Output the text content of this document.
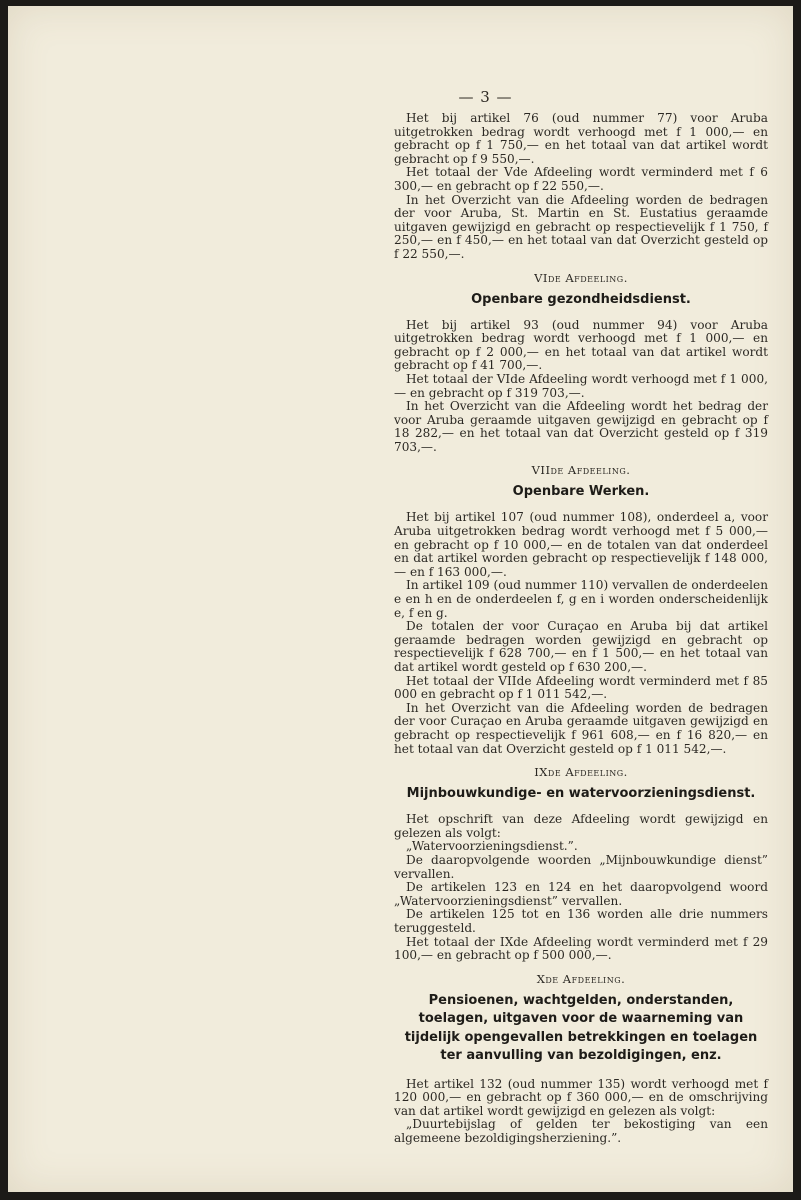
— 3 —

Het bij artikel 76 (oud nummer 77) voor Aruba uitgetrokken bedrag wordt verhoogd met f 1 000,— en gebracht op f 1 750,— en het totaal van dat artikel wordt gebracht op f 9 550,—.

Het totaal der Vde Afdeeling wordt verminderd met f 6 300,— en gebracht op f 22 550,—.

In het Overzicht van die Afdeeling worden de bedragen der voor Aruba, St. Martin en St. Eustatius geraamde uitgaven gewijzigd en gebracht op respectievelijk f 1 750, f 250,— en f 450,— en het totaal van dat Overzicht gesteld op f 22 550,—.

VIde Afdeeling.
Openbare gezondheidsdienst.

Het bij artikel 93 (oud nummer 94) voor Aruba uitgetrokken bedrag wordt verhoogd met f 1 000,— en gebracht op f 2 000,— en het totaal van dat artikel wordt gebracht op f 41 700,—.

Het totaal der VIde Afdeeling wordt verhoogd met f 1 000,— en gebracht op f 319 703,—.

In het Overzicht van die Afdeeling wordt het bedrag der voor Aruba geraamde uitgaven gewijzigd en gebracht op f 18 282,— en het totaal van dat Overzicht gesteld op f 319 703,—.

VIIde Afdeeling.
Openbare Werken.

Het bij artikel 107 (oud nummer 108), onderdeel a, voor Aruba uitgetrokken bedrag wordt verhoogd met f 5 000,— en gebracht op f 10 000,— en de totalen van dat onderdeel en dat artikel worden gebracht op respectievelijk f 148 000,— en f 163 000,—.

In artikel 109 (oud nummer 110) vervallen de onderdeelen e en h en de onderdeelen f, g en i worden onderscheidenlijk e, f en g.

De totalen der voor Curaçao en Aruba bij dat artikel geraamde bedragen worden gewijzigd en gebracht op respectievelijk f 628 700,— en f 1 500,— en het totaal van dat artikel wordt gesteld op f 630 200,—.

Het totaal der VIIde Afdeeling wordt verminderd met f 85 000 en gebracht op f 1 011 542,—.

In het Overzicht van die Afdeeling worden de bedragen der voor Curaçao en Aruba geraamde uitgaven gewijzigd en gebracht op respectievelijk f 961 608,— en f 16 820,— en het totaal van dat Overzicht gesteld op f 1 011 542,—.

IXde Afdeeling.
Mijnbouwkundige- en watervoorzieningsdienst.

Het opschrift van deze Afdeeling wordt gewijzigd en gelezen als volgt:

„Watervoorzieningsdienst.”.

De daaropvolgende woorden „Mijnbouwkundige dienst” vervallen.

De artikelen 123 en 124 en het daaropvolgend woord „Watervoorzieningsdienst” vervallen.

De artikelen 125 tot en 136 worden alle drie nummers teruggesteld.

Het totaal der IXde Afdeeling wordt verminderd met f 29 100,— en gebracht op f 500 000,—.

Xde Afdeeling.
Pensioenen, wachtgelden, onderstanden, toelagen, uitgaven voor de waarneming van tijdelijk opengevallen betrekkingen en toelagen ter aanvulling van bezoldigingen, enz.

Het artikel 132 (oud nummer 135) wordt verhoogd met f 120 000,— en gebracht op f 360 000,— en de omschrijving van dat artikel wordt gewijzigd en gelezen als volgt:

„Duurtebijslag of gelden ter bekostiging van een algemeene bezoldigingsherziening.”.
